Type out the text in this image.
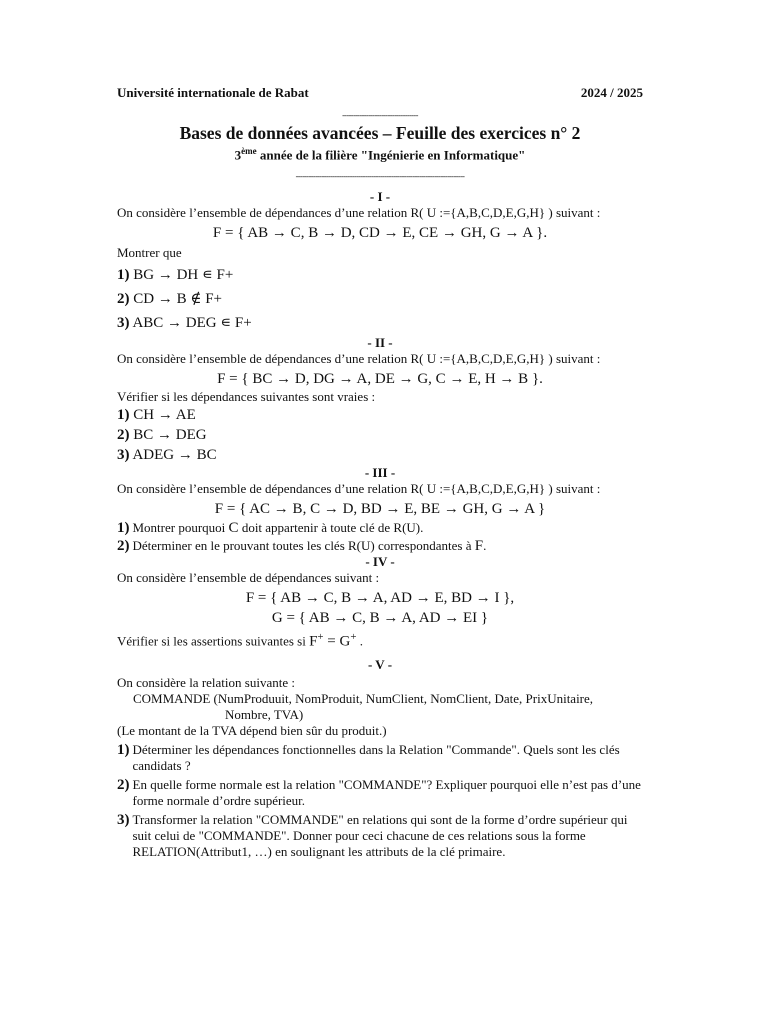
Université internationale de Rabat	2024 / 2025
-----------------------------------
Bases de données avancées – Feuille des exercices n° 2
3ème année de la filière "Ingénierie en Informatique"
------------------------------------------------------------------------------
- I -
On considère l’ensemble de dépendances d’une relation R( U :={A,B,C,D,E,G,H} ) suivant :
F = { AB → C, B → D, CD → E, CE → GH, G → A }.
Montrer que
1) BG → DH ∊ F+
2) CD → B ∉ F+
3) ABC → DEG ∊ F+
- II -
On considère l’ensemble de dépendances d’une relation R( U :={A,B,C,D,E,G,H} ) suivant :
F = { BC → D, DG → A, DE → G, C → E, H → B }.
Vérifier si les dépendances suivantes sont vraies :
1) CH → AE
2) BC → DEG
3) ADEG → BC
- III -
On considère l’ensemble de dépendances d’une relation R( U :={A,B,C,D,E,G,H} ) suivant :
F = { AC → B, C → D, BD → E, BE → GH, G → A }
1) Montrer pourquoi C doit appartenir à toute clé de R(U).
2) Déterminer en le prouvant toutes les clés R(U) correspondantes à F.
- IV -
On considère l’ensemble de dépendances suivant :
F = { AB → C, B → A, AD → E, BD → I },
G = { AB → C, B → A, AD → EI }
Vérifier si les assertions suivantes si F+ = G+ .
- V -
On considère la relation suivante :
COMMANDE (NumProduuit, NomProduit, NumClient, NomClient, Date, PrixUnitaire,
Nombre, TVA)
(Le montant de la TVA dépend bien sûr du produit.)
1) Déterminer les dépendances fonctionnelles dans la Relation "Commande". Quels sont les clés candidats ?
2) En quelle forme normale est la relation "COMMANDE"? Expliquer pourquoi elle n’est pas d’une forme normale d’ordre supérieur.
3) Transformer la relation "COMMANDE" en relations qui sont de la forme d’ordre supérieur qui suit celui de "COMMANDE". Donner pour ceci chacune de ces relations sous la forme RELATION(Attribut1, …) en soulignant les attributs de la clé primaire.
